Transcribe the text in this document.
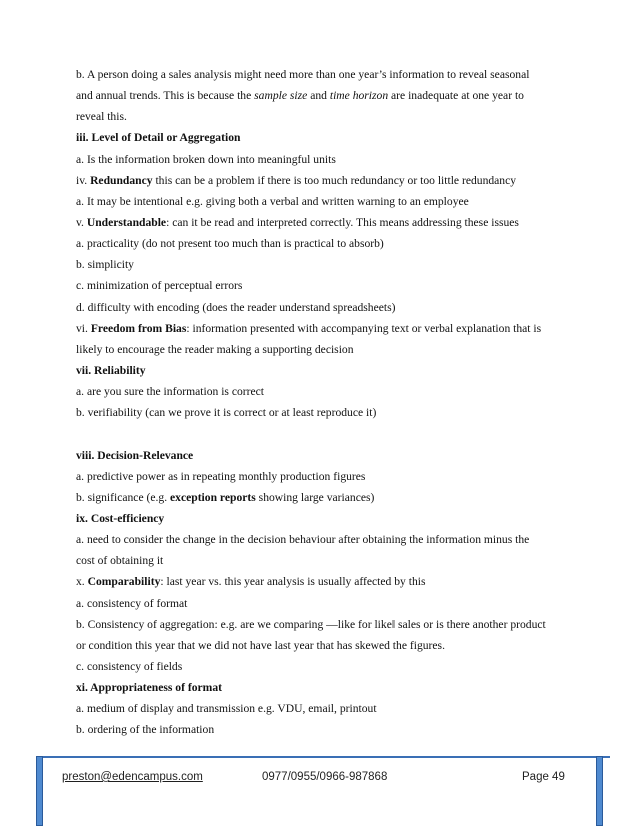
b. A person doing a sales analysis might need more than one year’s information to reveal seasonal
and annual trends. This is because the sample size and time horizon are inadequate at one year to
reveal this.
iii. Level of Detail or Aggregation
a. Is the information broken down into meaningful units
iv. Redundancy this can be a problem if there is too much redundancy or too little redundancy
a. It may be intentional e.g. giving both a verbal and written warning to an employee
v. Understandable: can it be read and interpreted correctly. This means addressing these issues
a. practicality (do not present too much than is practical to absorb)
b. simplicity
c. minimization of perceptual errors
d. difficulty with encoding (does the reader understand spreadsheets)
vi. Freedom from Bias: information presented with accompanying text or verbal explanation that is
likely to encourage the reader making a supporting decision
vii. Reliability
a. are you sure the information is correct
b. verifiability (can we prove it is correct or at least reproduce it)
viii. Decision-Relevance
a. predictive power as in repeating monthly production figures
b. significance (e.g. exception reports showing large variances)
ix. Cost-efficiency
a. need to consider the change in the decision behaviour after obtaining the information minus the
cost of obtaining it
x. Comparability: last year vs. this year analysis is usually affected by this
a. consistency of format
b. Consistency of aggregation: e.g. are we comparing ―like for like‖ sales or is there another product
or condition this year that we did not have last year that has skewed the figures.
c. consistency of fields
xi. Appropriateness of format
a. medium of display and transmission e.g. VDU, email, printout
b. ordering of the information
preston@edencampus.com	0977/0955/0966-987868	Page 49
